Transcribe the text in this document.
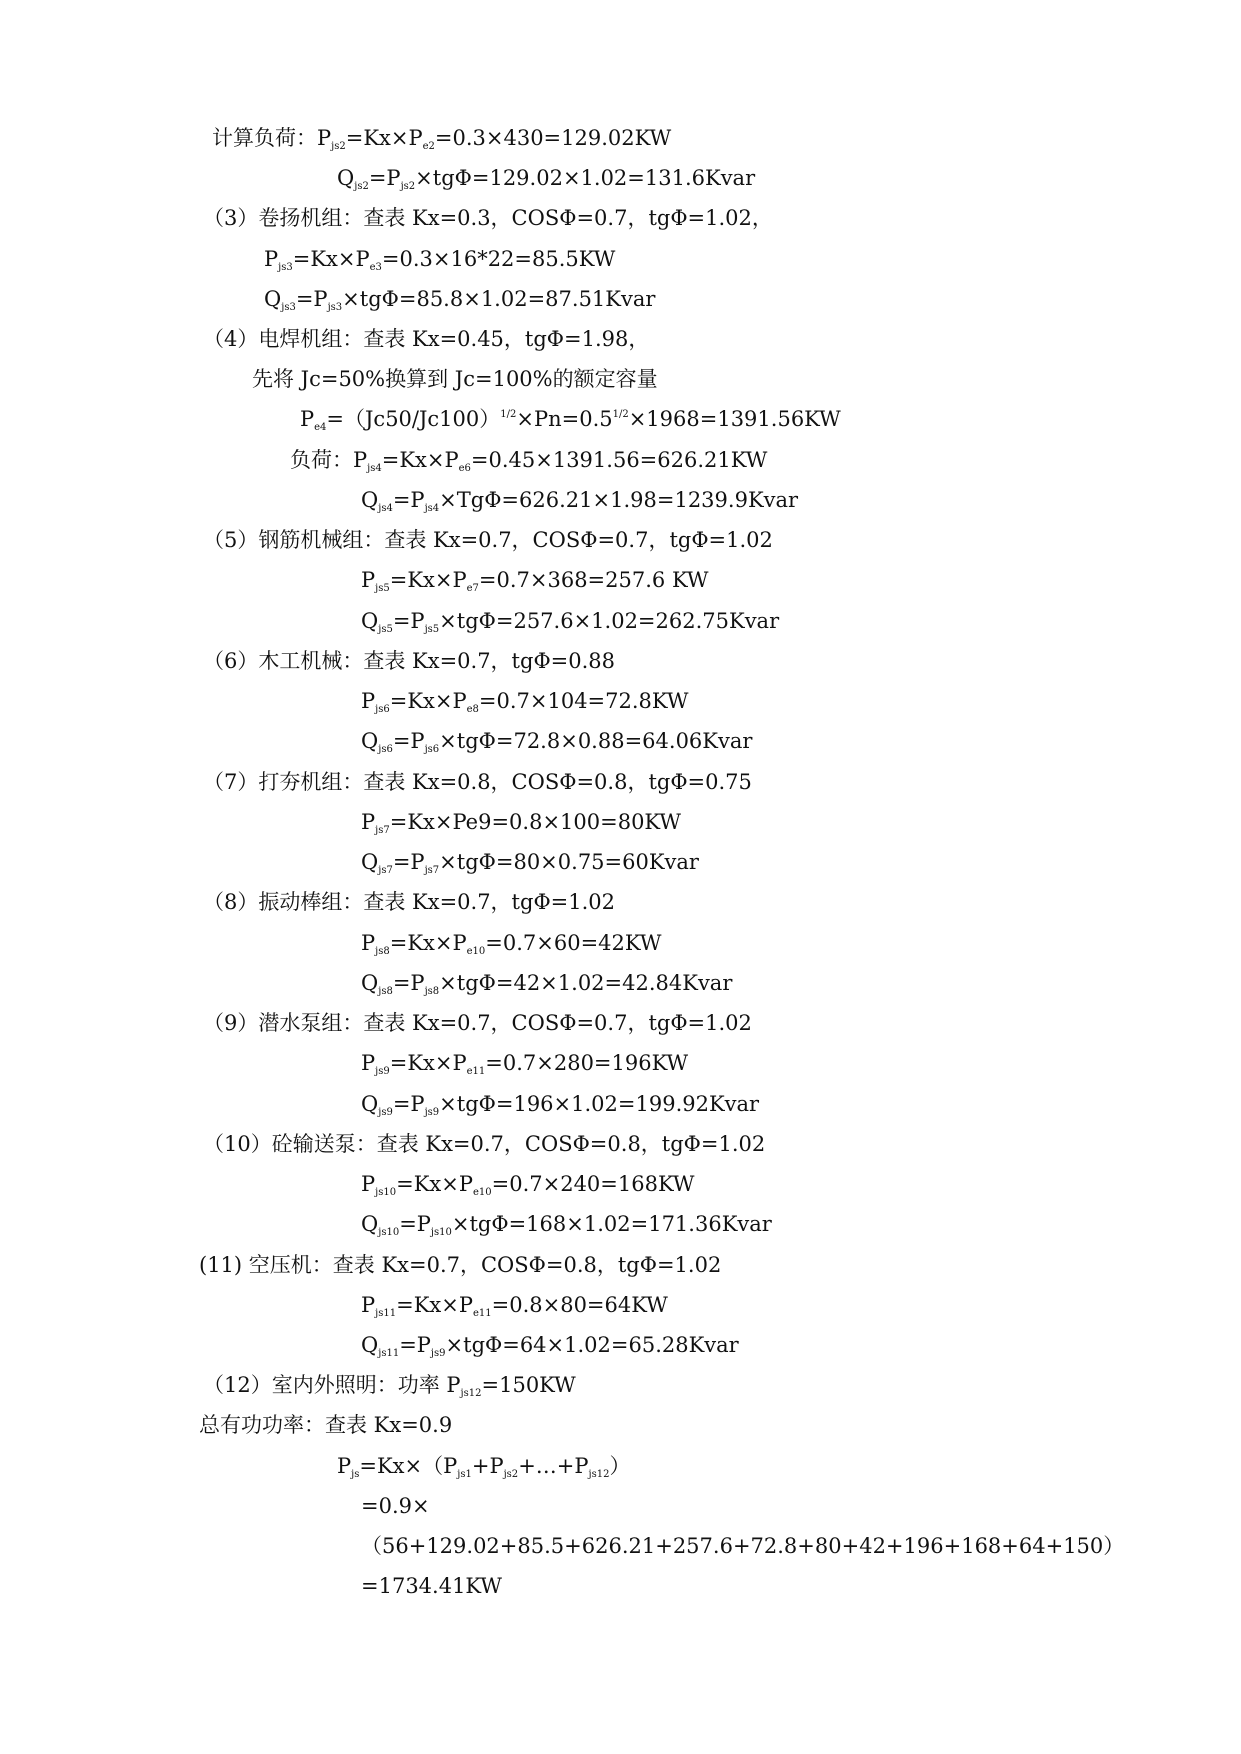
计算负荷：$P_{js2}=Kx\times P_{e2}=0.3\times 430=129.02KW$
$Q_{js2}=P_{js2}\times tg\Phi=129.02\times 1.02=131.6Kvar$
（3）卷扬机组：查表 Kx=0.3，COSΦ=0.7，tgΦ=1.02，
$P_{js3}=Kx\times P_{e3}=0.3\times 16*22=85.5KW$
$Q_{js3}=P_{js3}\times tg\Phi=85.8\times 1.02=87.51Kvar$
（4）电焊机组：查表 Kx=0.45，tgΦ=1.98，
先将 Jc=50%换算到 Jc=100%的额定容量
$P_{e4}=(Jc50/Jc100)^{1/2}\times Pn=0.5^{1/2}\times 1968=1391.56KW$
负荷：$P_{js4}=Kx\times P_{e6}=0.45\times 1391.56=626.21KW$
$Q_{js4}=P_{js4}\times Tg\Phi=626.21\times 1.98=1239.9Kvar$
（5）钢筋机械组：查表 Kx=0.7，COSΦ=0.7，tgΦ=1.02
$P_{js5}=Kx\times P_{e7}=0.7\times 368=257.6$ KW
$Q_{js5}=P_{js5}\times tg\Phi=257.6\times 1.02=262.75Kvar$
（6）木工机械：查表 Kx=0.7，tgΦ=0.88
$P_{js6}=Kx\times P_{e8}=0.7\times 104=72.8KW$
$Q_{js6}=P_{js6}\times tg\Phi=72.8\times 0.88=64.06Kvar$
（7）打夯机组：查表 Kx=0.8，COSΦ=0.8，tgΦ=0.75
$P_{js7}=Kx\times Pe9=0.8\times 100=80KW$
$Q_{js7}=P_{js7}\times tg\Phi=80\times 0.75=60Kvar$
（8）振动棒组：查表 Kx=0.7，tgΦ=1.02
$P_{js8}=Kx\times P_{e10}=0.7\times 60=42KW$
$Q_{js8}=P_{js8}\times tg\Phi=42\times 1.02=42.84Kvar$
（9）潜水泵组：查表 Kx=0.7，COSΦ=0.7，tgΦ=1.02
$P_{js9}=Kx\times P_{e11}=0.7\times 280=196KW$
$Q_{js9}=P_{js9}\times tg\Phi=196\times 1.02=199.92Kvar$
（10）砼输送泵：查表 Kx=0.7，COSΦ=0.8，tgΦ=1.02
$P_{js10}=Kx\times P_{e10}=0.7\times 240=168KW$
$Q_{js10}=P_{js10}\times tg\Phi=168\times 1.02=171.36Kvar$
(11) 空压机：查表 Kx=0.7，COSΦ=0.8，tgΦ=1.02
$P_{js11}=Kx\times P_{e11}=0.8\times 80=64KW$
$Q_{js11}=P_{js9}\times tg\Phi=64\times 1.02=65.28Kvar$
（12）室内外照明：功率 $P_{js12}=150KW$
总有功功率：查表 Kx=0.9
$P_{js}=Kx\times(P_{js1}+P_{js2}+\dots+P_{js12})$
=0.9×
（56+129.02+85.5+626.21+257.6+72.8+80+42+196+168+64+150）
=1734.41KW
